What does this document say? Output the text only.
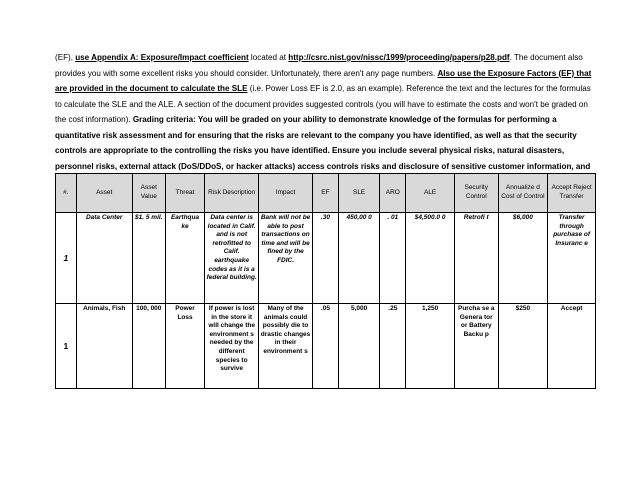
(EF), use Appendix A: Exposure/Impact coefficient located at http://csrc.nist.gov/nissc/1999/proceeding/papers/p28.pdf. The document also provides you with some excellent risks you should consider. Unfortunately, there aren't any page numbers. Also use the Exposure Factors (EF) that are provided in the document to calculate the SLE (i.e. Power Loss EF is 2.0, as an example). Reference the text and the lectures for the formulas to calculate the SLE and the ALE. A section of the document provides suggested controls (you will have to estimate the costs and won't be graded on the cost information). Grading criteria: You will be graded on your ability to demonstrate knowledge of the formulas for performing a quantitative risk assessment and for ensuring that the risks are relevant to the company you have identified, as well as that the security controls are appropriate to the controlling the risks you have identified. Ensure you include several physical risks, natural disasters, personnel risks, external attack (DoS/DDoS, or hacker attacks) access controls risks and disclosure of sensitive customer information, and
#.	Asset	Asset Value	Threat	Risk Description	Impact	EF	SLE	ARO	ALE	Security Control	Annualize d Cost of Control	Accept Reject Transfer
1	Data Center	$1. 5 mil.	Earthqua ke	Data center is located in Calif. and is not retrofitted to Calif. earthquake codes as it is a federal building.	Bank will not be able to post transactions on time and will be fined by the FDIC.	.30	450,00 0	. 01	$4,500.0 0	Retrofi t	$6,000	Transfer through purchase of Insuranc e
1	Animals, Fish	100, 000	Power Loss	If power is lost in the store it will change the environment s needed by the different species to survive	Many of the animals could possibly die to drastic changes in their environment s	.05	5,000	.25	1,250	Purcha se a Genera tor or Battery Backu p	$250	Accept
